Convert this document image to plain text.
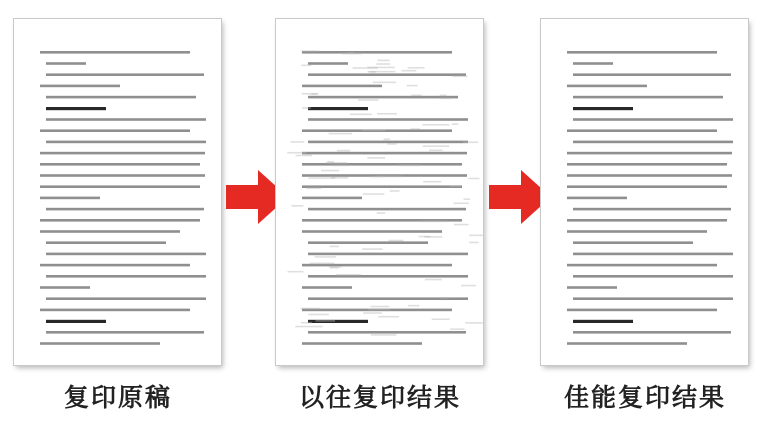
复印原稿	以往复印结果	佳能复印结果
